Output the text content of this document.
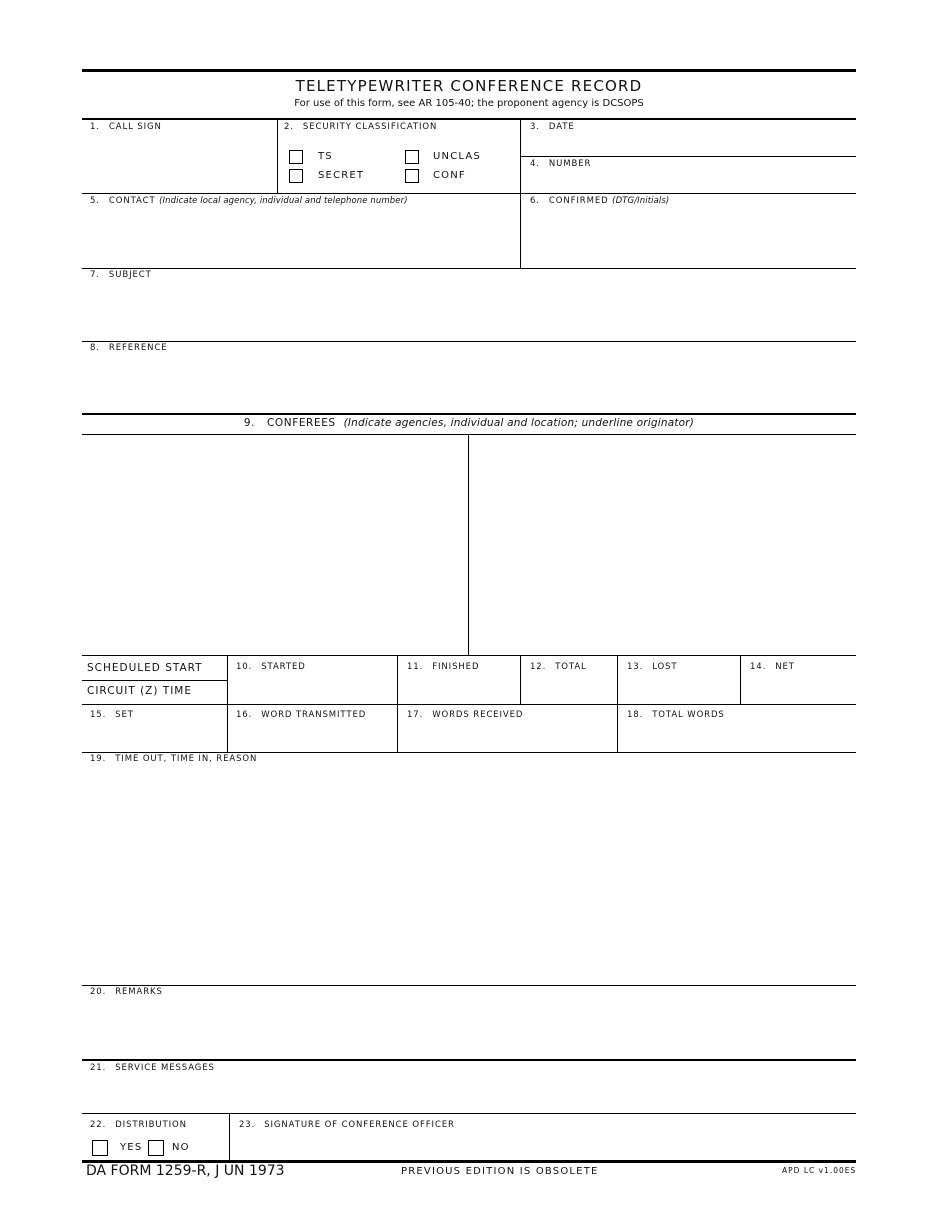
TELETYPEWRITER CONFERENCE RECORD
For use of this form, see AR 105-40; the proponent agency is DCSOPS
1. CALL SIGN	2. SECURITY CLASSIFICATION
TS
SECRET
UNCLAS
CONF
3. DATE
4. NUMBER
5. CONTACT (Indicate local agency, individual and telephone number)	6. CONFIRMED (DTG/Initials)
7. SUBJECT
8. REFERENCE
9. CONFEREES (Indicate agencies, individual and location; underline originator)
SCHEDULED START
CIRCUIT (Z) TIME
10. STARTED	11. FINISHED	12. TOTAL	13. LOST	14. NET
15. SET	16. WORD TRANSMITTED	17. WORDS RECEIVED	18. TOTAL WORDS
19. TIME OUT, TIME IN, REASON
20. REMARKS
21. SERVICE MESSAGES
22. DISTRIBUTION
YES	NO
23. SIGNATURE OF CONFERENCE OFFICER
DA FORM 1259-R, J UN 1973	PREVIOUS EDITION IS OBSOLETE	APD LC v1.00ES
